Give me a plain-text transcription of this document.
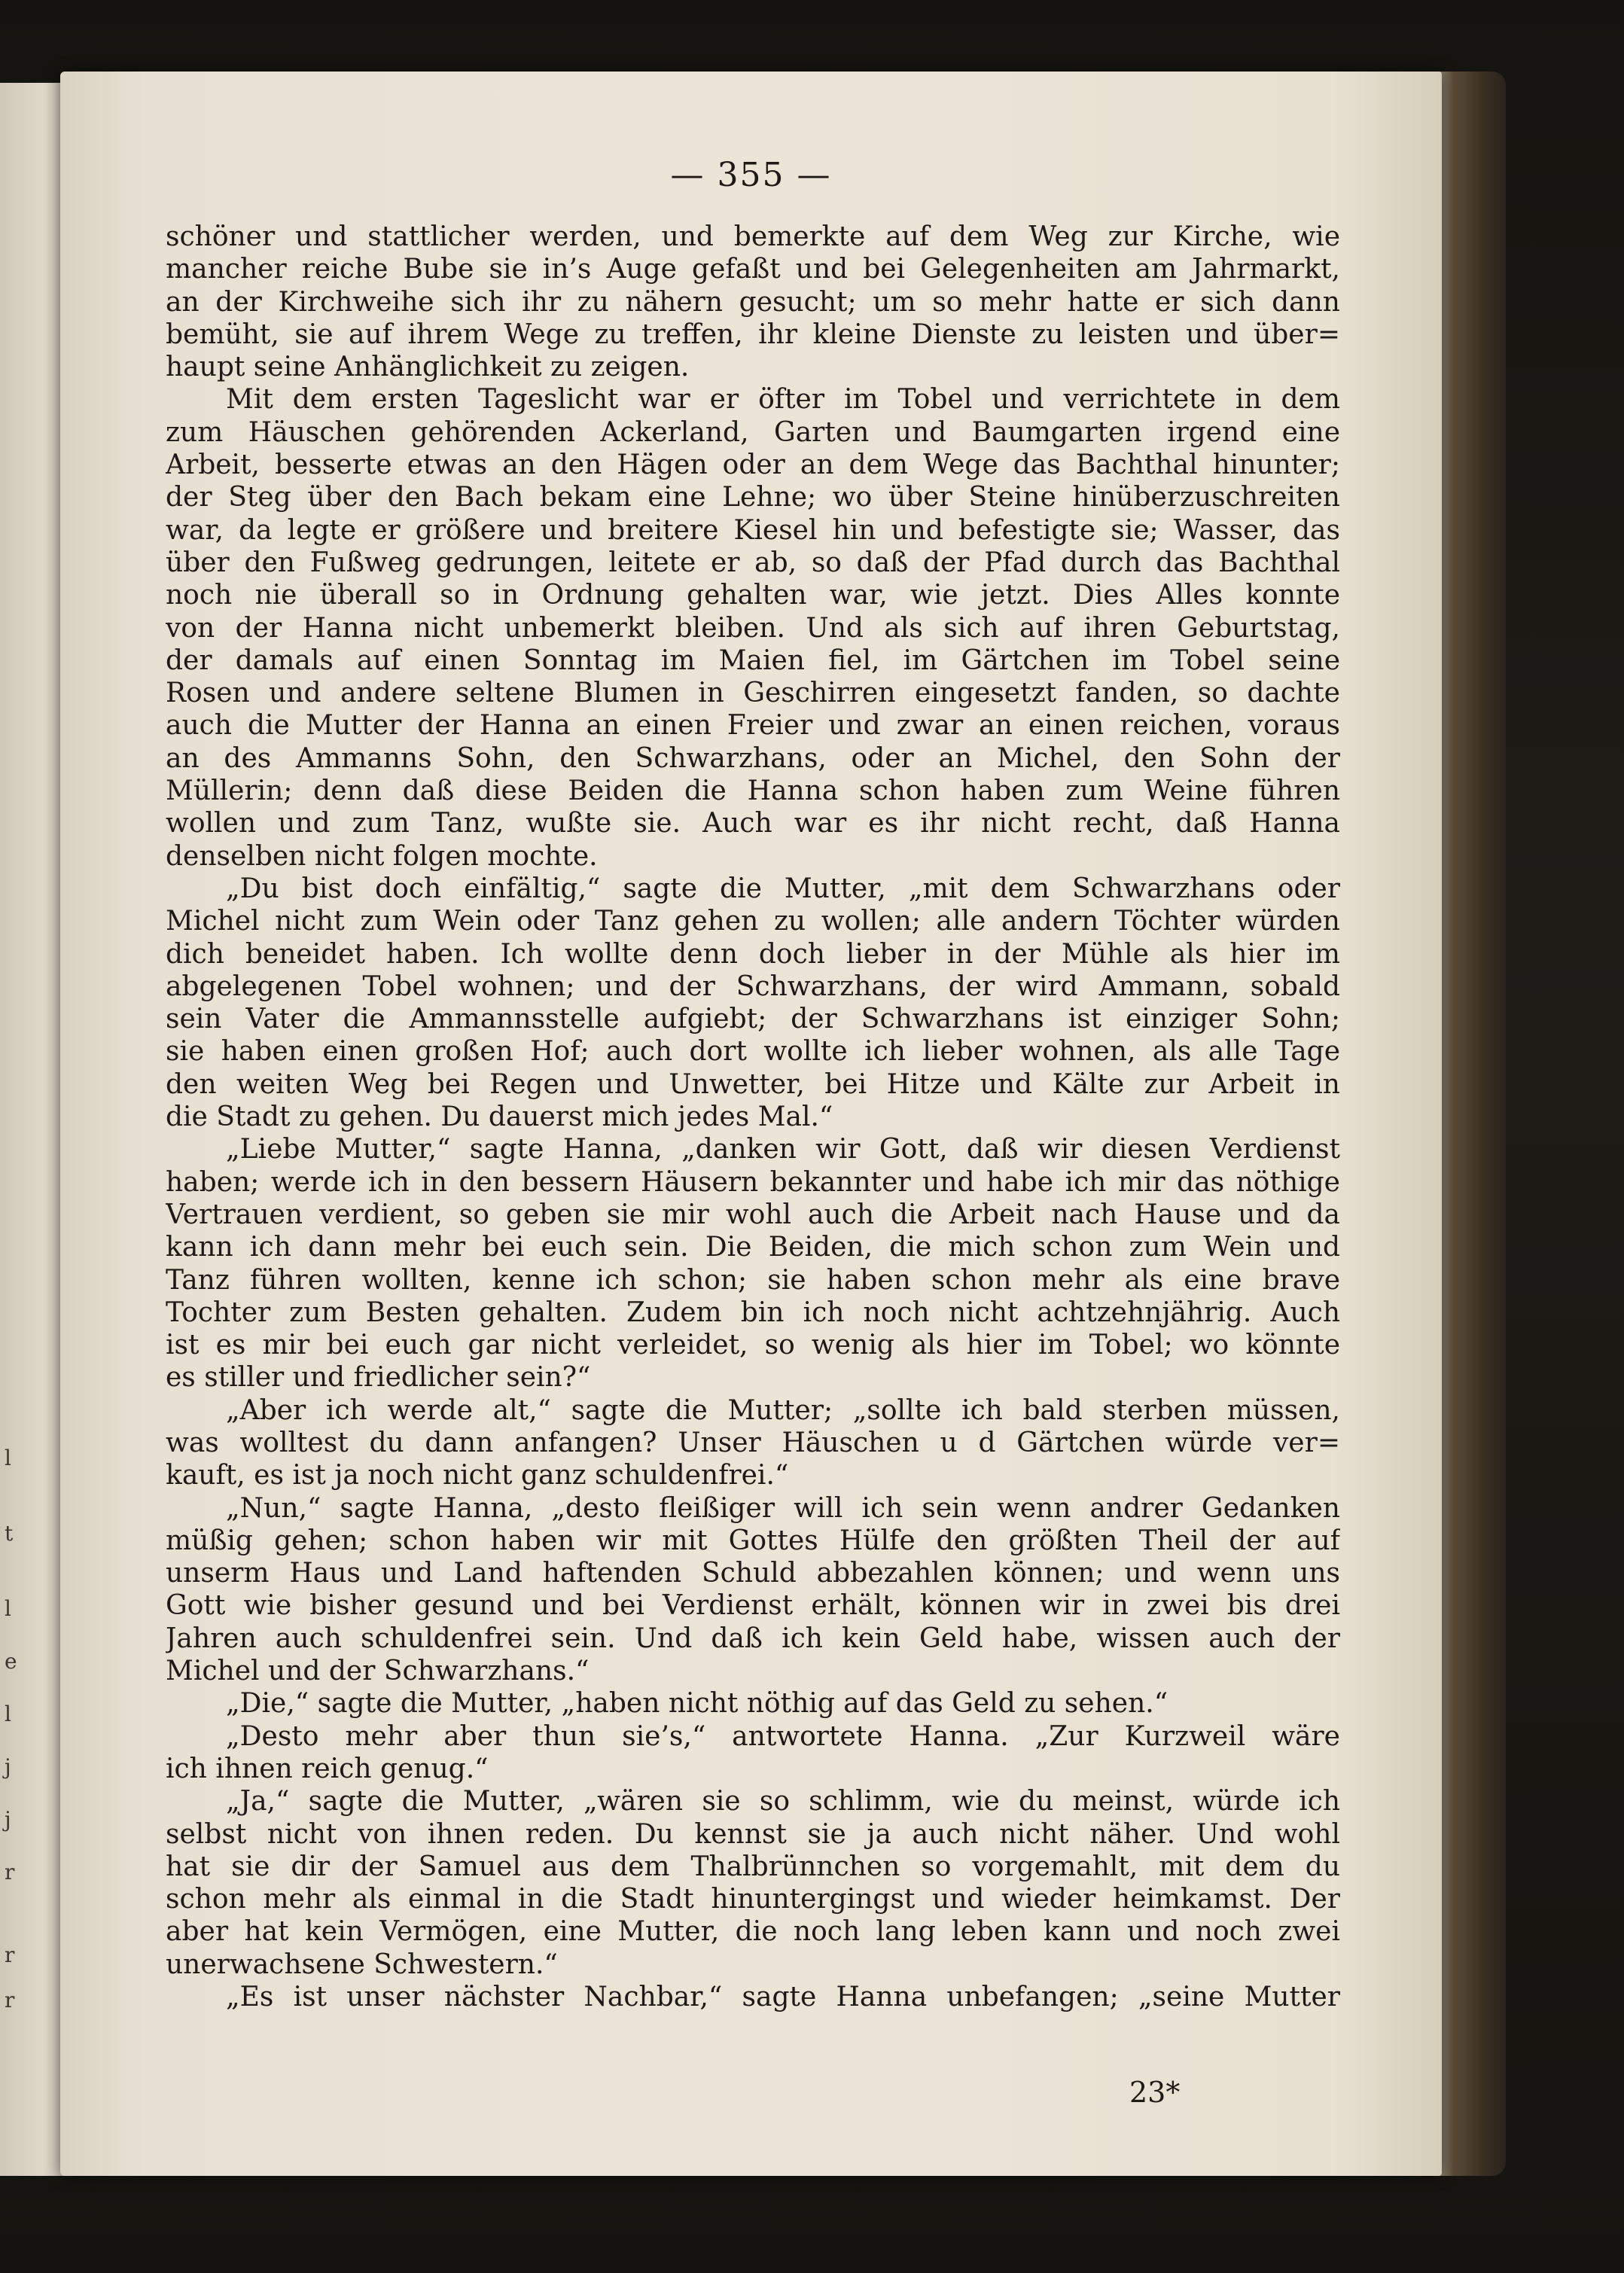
l
t
l
e
l
j
j
r
r
r
— 355 —
schöner und stattlicher werden, und bemerkte auf dem Weg zur Kirche, wie
mancher reiche Bube sie in’s Auge gefaßt und bei Gelegenheiten am Jahrmarkt,
an der Kirchweihe sich ihr zu nähern gesucht; um so mehr hatte er sich dann
bemüht, sie auf ihrem Wege zu treffen, ihr kleine Dienste zu leisten und über=
haupt seine Anhänglichkeit zu zeigen.
Mit dem ersten Tageslicht war er öfter im Tobel und verrichtete in dem
zum Häuschen gehörenden Ackerland, Garten und Baumgarten irgend eine
Arbeit, besserte etwas an den Hägen oder an dem Wege das Bachthal hinunter;
der Steg über den Bach bekam eine Lehne; wo über Steine hinüberzuschreiten
war, da legte er größere und breitere Kiesel hin und befestigte sie; Wasser, das
über den Fußweg gedrungen, leitete er ab, so daß der Pfad durch das Bachthal
noch nie überall so in Ordnung gehalten war, wie jetzt. Dies Alles konnte
von der Hanna nicht unbemerkt bleiben. Und als sich auf ihren Geburtstag,
der damals auf einen Sonntag im Maien fiel, im Gärtchen im Tobel seine
Rosen und andere seltene Blumen in Geschirren eingesetzt fanden, so dachte
auch die Mutter der Hanna an einen Freier und zwar an einen reichen, voraus
an des Ammanns Sohn, den Schwarzhans, oder an Michel, den Sohn der
Müllerin; denn daß diese Beiden die Hanna schon haben zum Weine führen
wollen und zum Tanz, wußte sie. Auch war es ihr nicht recht, daß Hanna
denselben nicht folgen mochte.
„Du bist doch einfältig,“ sagte die Mutter, „mit dem Schwarzhans oder
Michel nicht zum Wein oder Tanz gehen zu wollen; alle andern Töchter würden
dich beneidet haben. Ich wollte denn doch lieber in der Mühle als hier im
abgelegenen Tobel wohnen; und der Schwarzhans, der wird Ammann, sobald
sein Vater die Ammannsstelle aufgiebt; der Schwarzhans ist einziger Sohn;
sie haben einen großen Hof; auch dort wollte ich lieber wohnen, als alle Tage
den weiten Weg bei Regen und Unwetter, bei Hitze und Kälte zur Arbeit in
die Stadt zu gehen. Du dauerst mich jedes Mal.“
„Liebe Mutter,“ sagte Hanna, „danken wir Gott, daß wir diesen Verdienst
haben; werde ich in den bessern Häusern bekannter und habe ich mir das nöthige
Vertrauen verdient, so geben sie mir wohl auch die Arbeit nach Hause und da
kann ich dann mehr bei euch sein. Die Beiden, die mich schon zum Wein und
Tanz führen wollten, kenne ich schon; sie haben schon mehr als eine brave
Tochter zum Besten gehalten. Zudem bin ich noch nicht achtzehnjährig. Auch
ist es mir bei euch gar nicht verleidet, so wenig als hier im Tobel; wo könnte
es stiller und friedlicher sein?“
„Aber ich werde alt,“ sagte die Mutter; „sollte ich bald sterben müssen,
was wolltest du dann anfangen? Unser Häuschen u d Gärtchen würde ver=
kauft, es ist ja noch nicht ganz schuldenfrei.“
„Nun,“ sagte Hanna, „desto fleißiger will ich sein wenn andrer Gedanken
müßig gehen; schon haben wir mit Gottes Hülfe den größten Theil der auf
unserm Haus und Land haftenden Schuld abbezahlen können; und wenn uns
Gott wie bisher gesund und bei Verdienst erhält, können wir in zwei bis drei
Jahren auch schuldenfrei sein. Und daß ich kein Geld habe, wissen auch der
Michel und der Schwarzhans.“
„Die,“ sagte die Mutter, „haben nicht nöthig auf das Geld zu sehen.“
„Desto mehr aber thun sie’s,“ antwortete Hanna. „Zur Kurzweil wäre
ich ihnen reich genug.“
„Ja,“ sagte die Mutter, „wären sie so schlimm, wie du meinst, würde ich
selbst nicht von ihnen reden. Du kennst sie ja auch nicht näher. Und wohl
hat sie dir der Samuel aus dem Thalbrünnchen so vorgemahlt, mit dem du
schon mehr als einmal in die Stadt hinuntergingst und wieder heimkamst. Der
aber hat kein Vermögen, eine Mutter, die noch lang leben kann und noch zwei
unerwachsene Schwestern.“
„Es ist unser nächster Nachbar,“ sagte Hanna unbefangen; „seine Mutter
23*
